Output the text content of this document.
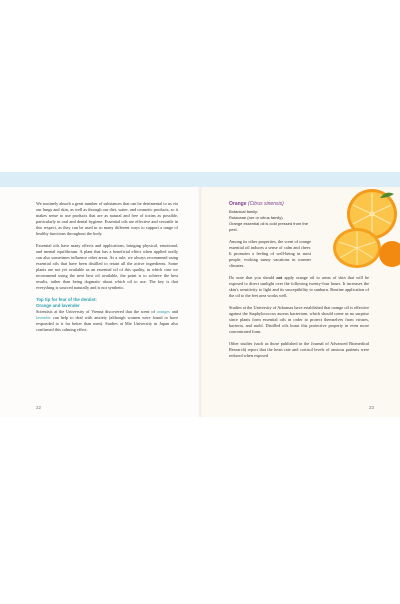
We routinely absorb a great number of substances that can be detrimental to us via our lungs and skin, as well as through our diet, water, and cosmetic products, so it makes sense to use products that are as natural and free of toxins as possible, particularly in oral and dental hygiene. Essential oils are effective and versatile in this respect, as they can be used in so many different ways to support a range of healthy functions throughout the body.

Essential oils have many effects and applications, bringing physical, emotional, and mental equilibrium. A plant that has a beneficial effect when applied orally can also sometimes influence other areas. As a rule, we always recommend using essential oils that have been distilled to retain all the active ingredients. Some plants are not yet available as an essential oil of this quality, in which case we recommend using the next best oil available, the point is to achieve the best results, rather than being dogmatic about which oil to use. The key is that everything is sourced naturally and is not synthetic.

Top tip for fear of the dentist:
Orange and lavender

Scientists at the University of Vienna discovered that the scent of oranges and lavender can help to deal with anxiety (although women were found to have responded to it far better than men). Studies at Mie University in Japan also confirmed this calming effect.

22	23
Orange (Citrus sinensis)
Botanical family:
Rutaceae (rue or citrus family)
Orange essential oil is cold pressed from the peel.

Among its other properties, the scent of orange essential oil induces a sense of calm and cheer. It promotes a feeling of well-being in most people, evoking sunny vacations in warmer climates.

Do note that you should not apply orange oil to areas of skin that will be exposed to direct sunlight over the following twenty-four hours. It increases the skin's sensitivity to light and its susceptibility to sunburn. Routine application of the oil to the feet area works well.

Studies at the University of Arkansas have established that orange oil is effective against the Staphylococcus aureus bacterium, which should come as no surprise since plants form essential oils in order to protect themselves from viruses, bacteria, and mold. Distilled oils boast this protective property in even more concentrated form.

Other studies (such as those published in the Journal of Advanced Biomedical Research) report that the heart rate and cortisol levels of anxious patients were reduced when exposed
